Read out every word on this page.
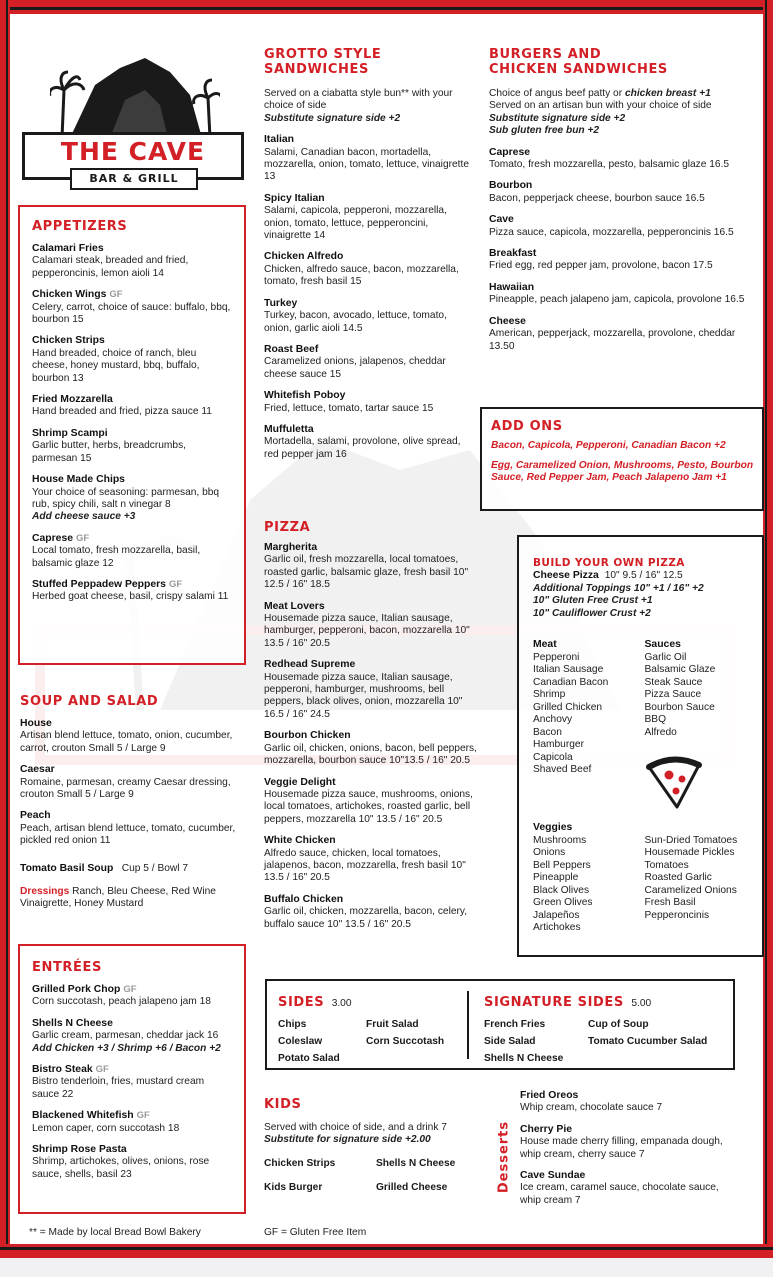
THE CAVE
BAR & GRILL
APPETIZERS
Calamari Fries
Calamari steak, breaded and fried, pepperoncinis, lemon aioli 14
Chicken Wings GF
Celery, carrot, choice of sauce: buffalo, bbq, bourbon 15
Chicken Strips
Hand breaded, choice of ranch, bleu cheese, honey mustard, bbq, buffalo, bourbon 13
Fried Mozzarella
Hand breaded and fried, pizza sauce 11
Shrimp Scampi
Garlic butter, herbs, breadcrumbs, parmesan 15
House Made Chips
Your choice of seasoning: parmesan, bbq rub, spicy chili, salt n vinegar 8
Add cheese sauce +3
Caprese GF
Local tomato, fresh mozzarella, basil, balsamic glaze 12
Stuffed Peppadew Peppers GF
Herbed goat cheese, basil, crispy salami 11
SOUP AND SALAD
House
Artisan blend lettuce, tomato, onion, cucumber, carrot, crouton Small 5 / Large 9
Caesar
Romaine, parmesan, creamy Caesar dressing, crouton Small 5 / Large 9
Peach
Peach, artisan blend lettuce, tomato, cucumber, pickled red onion 11
Tomato Basil Soup Cup 5 / Bowl 7
Dressings Ranch, Bleu Cheese, Red Wine Vinaigrette, Honey Mustard
ENTRÉES
Grilled Pork Chop GF
Corn succotash, peach jalapeno jam 18
Shells N Cheese
Garlic cream, parmesan, cheddar jack 16
Add Chicken +3 / Shrimp +6 / Bacon +2
Bistro Steak GF
Bistro tenderloin, fries, mustard cream sauce 22
Blackened Whitefish GF
Lemon caper, corn succotash 18
Shrimp Rose Pasta
Shrimp, artichokes, olives, onions, rose sauce, shells, basil 23
GROTTO STYLE
SANDWICHES
Served on a ciabatta style bun** with your choice of side
Substitute signature side +2
Italian
Salami, Canadian bacon, mortadella, mozzarella, onion, tomato, lettuce, vinaigrette 13
Spicy Italian
Salami, capicola, pepperoni, mozzarella, onion, tomato, lettuce, pepperoncini, vinaigrette 14
Chicken Alfredo
Chicken, alfredo sauce, bacon, mozzarella, tomato, fresh basil 15
Turkey
Turkey, bacon, avocado, lettuce, tomato, onion, garlic aioli 14.5
Roast Beef
Caramelized onions, jalapenos, cheddar cheese sauce 15
Whitefish Poboy
Fried, lettuce, tomato, tartar sauce 15
Muffuletta
Mortadella, salami, provolone, olive spread, red pepper jam 16
PIZZA
Margherita
Garlic oil, fresh mozzarella, local tomatoes, roasted garlic, balsamic glaze, fresh basil 10" 12.5 / 16" 18.5
Meat Lovers
Housemade pizza sauce, Italian sausage, hamburger, pepperoni, bacon, mozzarella 10" 13.5 / 16" 20.5
Redhead Supreme
Housemade pizza sauce, Italian sausage, pepperoni, hamburger, mushrooms, bell peppers, black olives, onion, mozzarella 10" 16.5 / 16" 24.5
Bourbon Chicken
Garlic oil, chicken, onions, bacon, bell peppers, mozzarella, bourbon sauce 10"13.5 / 16" 20.5
Veggie Delight
Housemade pizza sauce, mushrooms, onions, local tomatoes, artichokes, roasted garlic, bell peppers, mozzarella 10" 13.5 / 16" 20.5
White Chicken
Alfredo sauce, chicken, local tomatoes, jalapenos, bacon, mozzarella, fresh basil 10" 13.5 / 16" 20.5
Buffalo Chicken
Garlic oil, chicken, mozzarella, bacon, celery, buffalo sauce 10" 13.5 / 16" 20.5
BURGERS AND
CHICKEN SANDWICHES
Choice of angus beef patty or chicken breast +1
Served on an artisan bun with your choice of side
Substitute signature side +2
Sub gluten free bun +2
Caprese
Tomato, fresh mozzarella, pesto, balsamic glaze 16.5
Bourbon
Bacon, pepperjack cheese, bourbon sauce 16.5
Cave
Pizza sauce, capicola, mozzarella, pepperoncinis 16.5
Breakfast
Fried egg, red pepper jam, provolone, bacon 17.5
Hawaiian
Pineapple, peach jalapeno jam, capicola, provolone 16.5
Cheese
American, pepperjack, mozzarella, provolone, cheddar 13.50
ADD ONS
Bacon, Capicola, Pepperoni, Canadian Bacon +2
Egg, Caramelized Onion, Mushrooms, Pesto, Bourbon Sauce, Red Pepper Jam, Peach Jalapeno Jam +1
BUILD YOUR OWN PIZZA
Cheese Pizza 10" 9.5 / 16" 12.5
Additional Toppings 10" +1 / 16" +2
10" Gluten Free Crust +1
10" Cauliflower Crust +2
Meat
Pepperoni
Italian Sausage
Canadian Bacon
Shrimp
Grilled Chicken
Anchovy
Bacon
Hamburger
Capicola
Shaved Beef
Sauces
Garlic Oil
Balsamic Glaze
Steak Sauce
Pizza Sauce
Bourbon Sauce
BBQ
Alfredo
Veggies
Mushrooms
Onions
Bell Peppers
Pineapple
Black Olives
Green Olives
Jalapeños
Artichokes
Sun-Dried Tomatoes
Housemade Pickles
Tomatoes
Roasted Garlic
Caramelized Onions
Fresh Basil
Pepperoncinis
SIDES 3.00
Chips	Fruit Salad
Coleslaw	Corn Succotash
Potato Salad
SIGNATURE SIDES 5.00
French Fries	Cup of Soup
Side Salad	Tomato Cucumber Salad
Shells N Cheese
KIDS
Served with choice of side, and a drink 7
Substitute for signature side +2.00
Chicken Strips	Shells N Cheese
Kids Burger	Grilled Cheese	Desserts
Fried Oreos
Whip cream, chocolate sauce 7
Cherry Pie
House made cherry filling, empanada dough, whip cream, cherry sauce 7
Cave Sundae
Ice cream, caramel sauce, chocolate sauce, whip cream 7
** = Made by local Bread Bowl Bakery	GF = Gluten Free Item
